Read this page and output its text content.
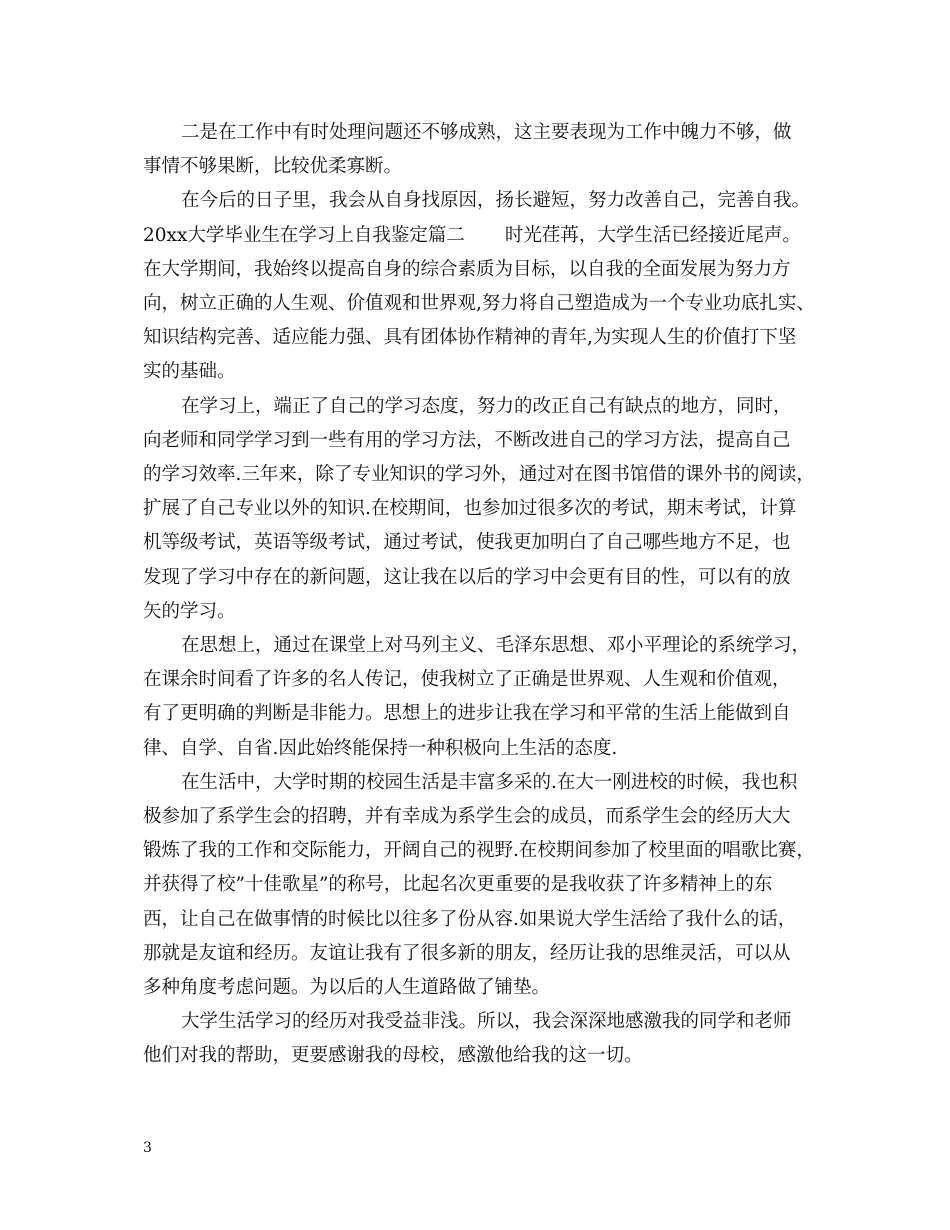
二是在工作中有时处理问题还不够成熟，这主要表现为工作中魄力不够，做
事情不够果断，比较优柔寡断。
在今后的日子里，我会从自身找原因，扬长避短，努力改善自己，完善自我。
20xx大学毕业生在学习上自我鉴定篇二 时光荏苒，大学生活已经接近尾声。
在大学期间，我始终以提高自身的综合素质为目标，以自我的全面发展为努力方
向，树立正确的人生观、价值观和世界观,努力将自己塑造成为一个专业功底扎实、
知识结构完善、适应能力强、具有团体协作精神的青年,为实现人生的价值打下坚
实的基础。
在学习上，端正了自己的学习态度，努力的改正自己有缺点的地方，同时，
向老师和同学学习到一些有用的学习方法，不断改进自己的学习方法，提高自己
的学习效率.三年来，除了专业知识的学习外，通过对在图书馆借的课外书的阅读，
扩展了自己专业以外的知识.在校期间，也参加过很多次的考试，期末考试，计算
机等级考试，英语等级考试，通过考试，使我更加明白了自己哪些地方不足，也
发现了学习中存在的新问题，这让我在以后的学习中会更有目的性，可以有的放
矢的学习。
在思想上，通过在课堂上对马列主义、毛泽东思想、邓小平理论的系统学习，
在课余时间看了许多的名人传记，使我树立了正确是世界观、人生观和价值观，
有了更明确的判断是非能力。思想上的进步让我在学习和平常的生活上能做到自
律、自学、自省.因此始终能保持一种积极向上生活的态度.
在生活中，大学时期的校园生活是丰富多采的.在大一刚进校的时候，我也积
极参加了系学生会的招聘，并有幸成为系学生会的成员，而系学生会的经历大大
锻炼了我的工作和交际能力，开阔自己的视野.在校期间参加了校里面的唱歌比赛，
并获得了校”十佳歌星”的称号，比起名次更重要的是我收获了许多精神上的东
西，让自己在做事情的时候比以往多了份从容.如果说大学生活给了我什么的话，
那就是友谊和经历。友谊让我有了很多新的朋友，经历让我的思维灵活，可以从
多种角度考虑问题。为以后的人生道路做了铺垫。
大学生活学习的经历对我受益非浅。所以，我会深深地感激我的同学和老师
他们对我的帮助，更要感谢我的母校，感激他给我的这一切。
3
